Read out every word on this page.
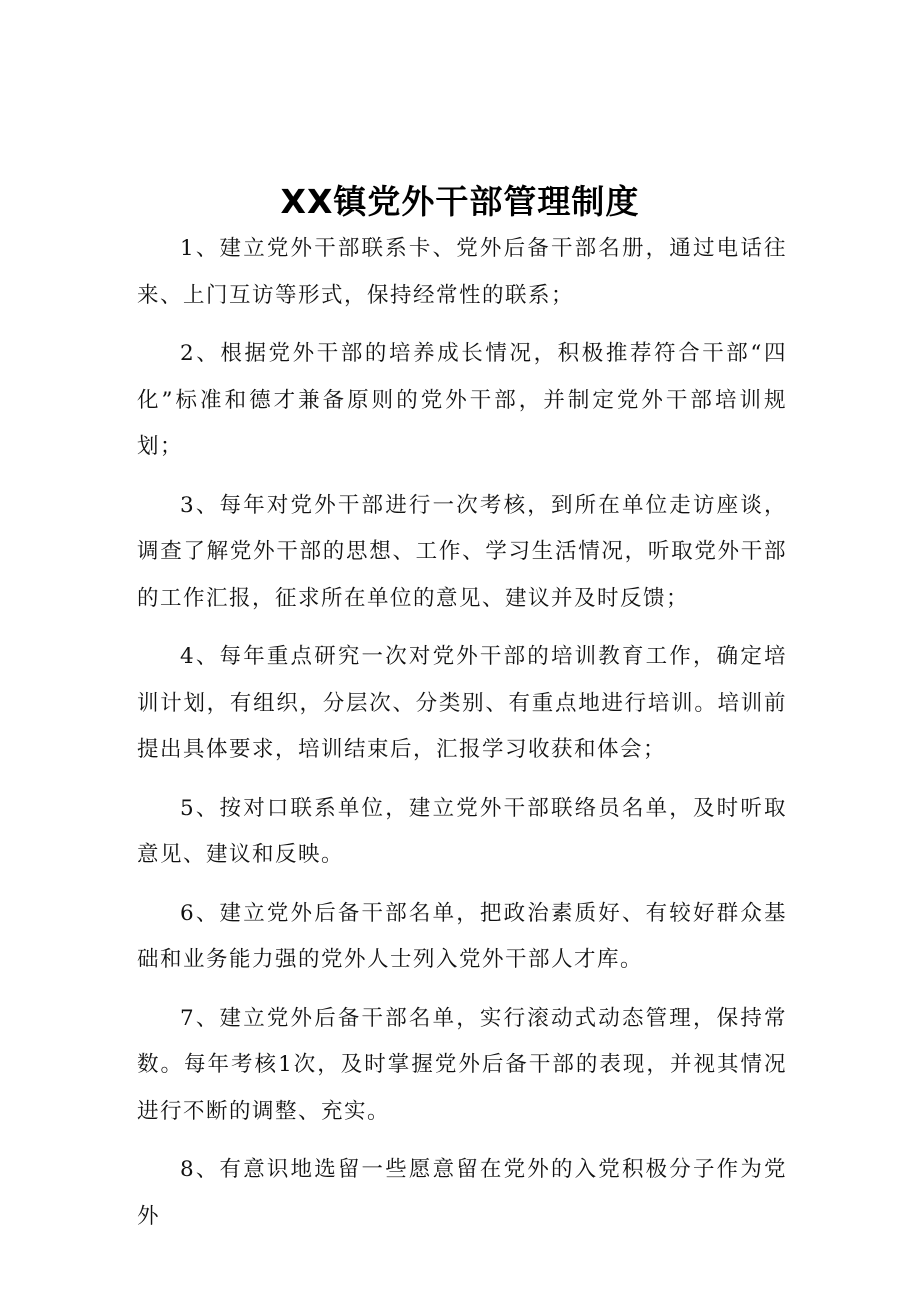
XX镇党外干部管理制度

1、建立党外干部联系卡、党外后备干部名册，通过电话往来、上门互访等形式，保持经常性的联系；

2、根据党外干部的培养成长情况，积极推荐符合干部“四化”标准和德才兼备原则的党外干部，并制定党外干部培训规划；

3、每年对党外干部进行一次考核，到所在单位走访座谈，调查了解党外干部的思想、工作、学习生活情况，听取党外干部的工作汇报，征求所在单位的意见、建议并及时反馈；

4、每年重点研究一次对党外干部的培训教育工作，确定培训计划，有组织，分层次、分类别、有重点地进行培训。培训前提出具体要求，培训结束后，汇报学习收获和体会；

5、按对口联系单位，建立党外干部联络员名单，及时听取意见、建议和反映。

6、建立党外后备干部名单，把政治素质好、有较好群众基础和业务能力强的党外人士列入党外干部人才库。

7、建立党外后备干部名单，实行滚动式动态管理，保持常数。每年考核1次，及时掌握党外后备干部的表现，并视其情况进行不断的调整、充实。

8、有意识地选留一些愿意留在党外的入党积极分子作为党外
